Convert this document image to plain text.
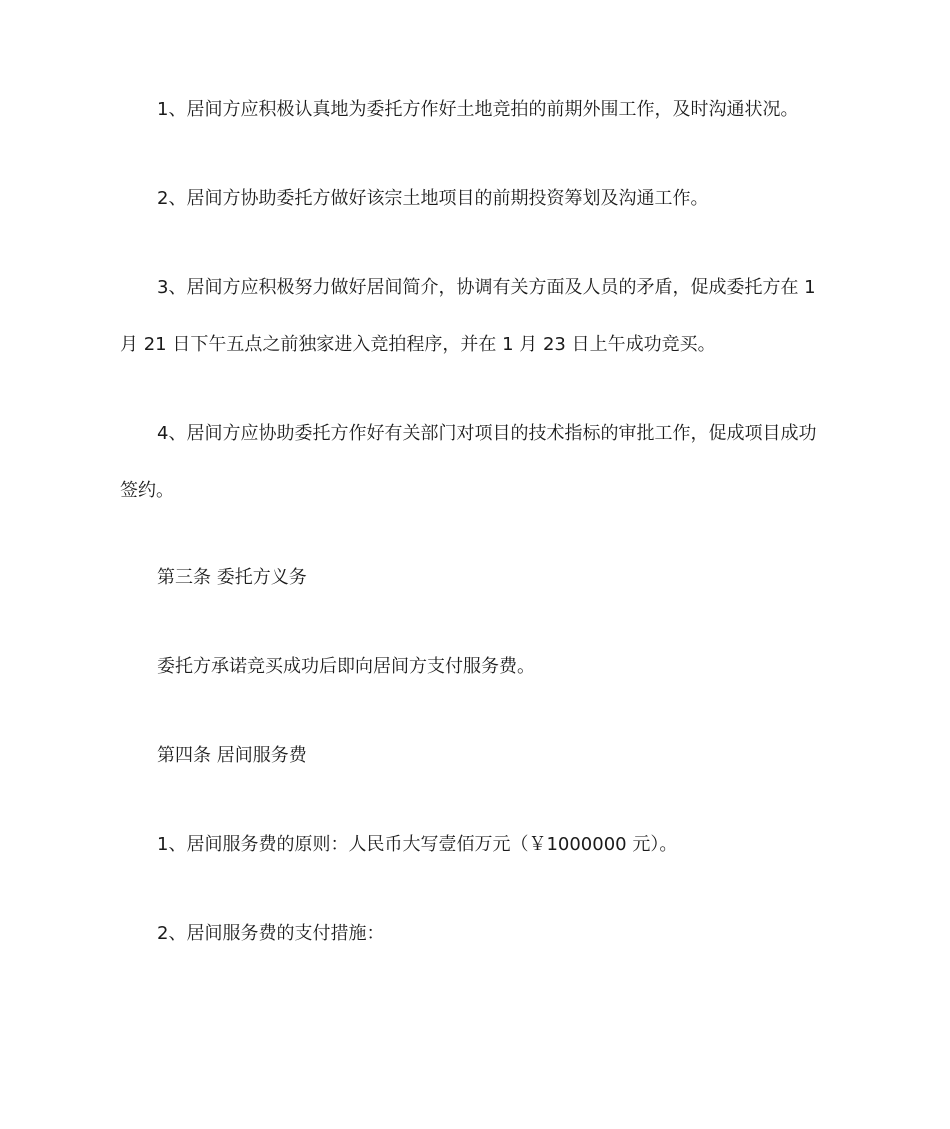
1、居间方应积极认真地为委托方作好土地竞拍的前期外围工作，及时沟通状况。
2、居间方协助委托方做好该宗土地项目的前期投资筹划及沟通工作。
3、居间方应积极努力做好居间简介，协调有关方面及人员的矛盾，促成委托方在 1
月 21 日下午五点之前独家进入竞拍程序，并在 1 月 23 日上午成功竞买。
4、居间方应协助委托方作好有关部门对项目的技术指标的审批工作，促成项目成功
签约。
第三条 委托方义务
委托方承诺竞买成功后即向居间方支付服务费。
第四条 居间服务费
1、居间服务费的原则：人民币大写壹佰万元（￥1000000 元）。
2、居间服务费的支付措施：
